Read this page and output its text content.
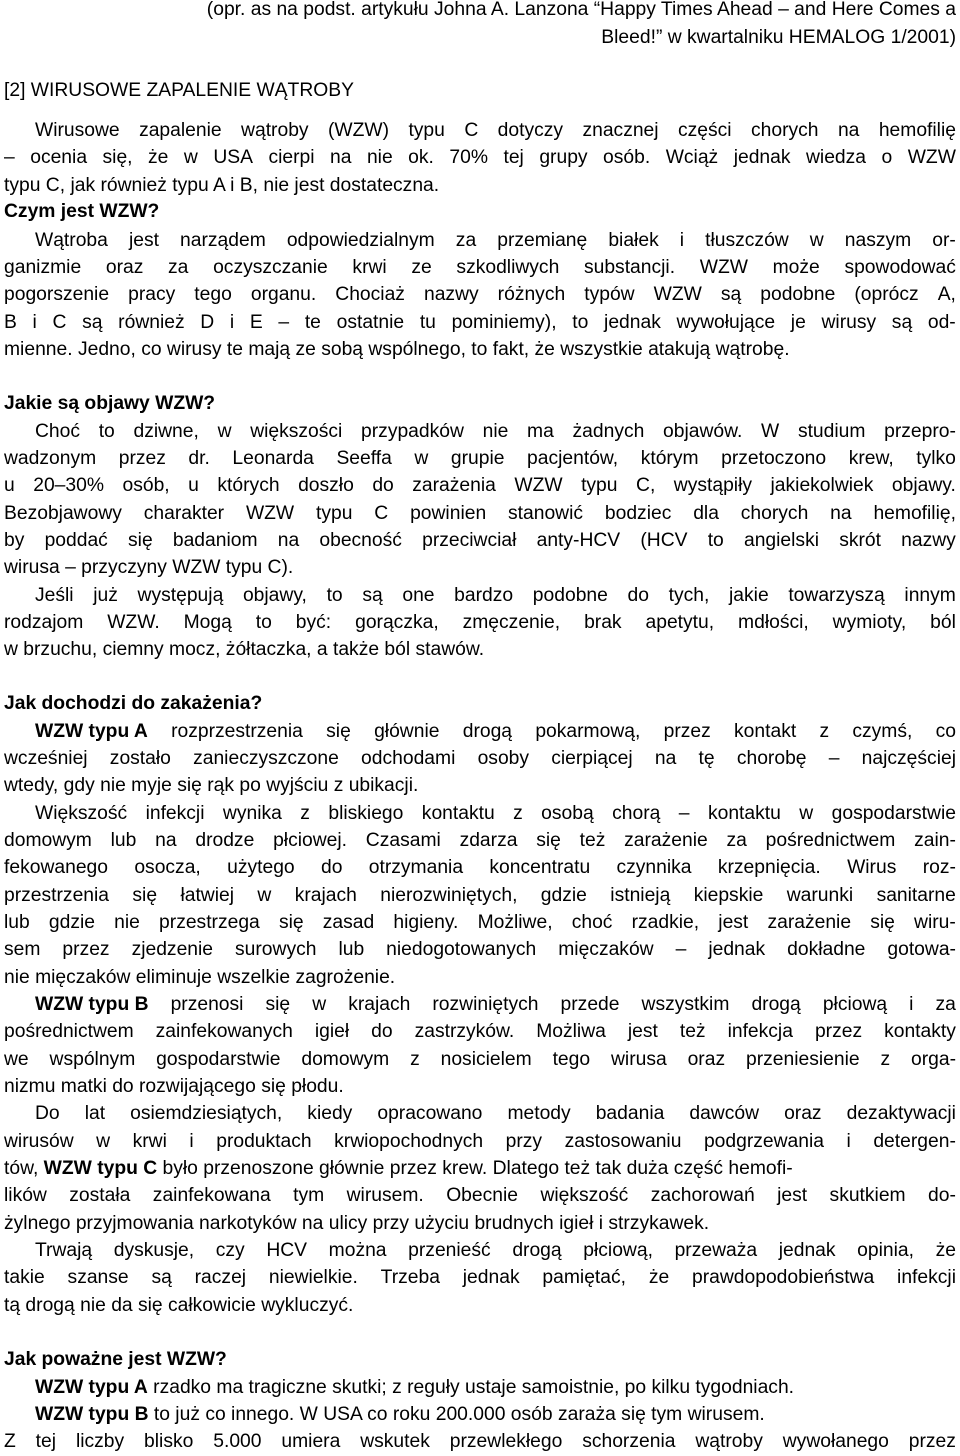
(opr. as na podst. artykułu Johna A. Lanzona “Happy Times Ahead – and Here Comes a
Bleed!” w kwartalniku HEMALOG 1/2001)
[2] WIRUSOWE ZAPALENIE WĄTROBY
Wirusowe zapalenie wątroby (WZW) typu C dotyczy znacznej części chorych na hemofilię
– ocenia się, że w USA cierpi na nie ok. 70% tej grupy osób. Wciąż jednak wiedza o WZW
typu C, jak również typu A i B, nie jest dostateczna.
Czym jest WZW?
Wątroba jest narządem odpowiedzialnym za przemianę białek i tłuszczów w naszym or-
ganizmie oraz za oczyszczanie krwi ze szkodliwych substancji. WZW może spowodować
pogorszenie pracy tego organu. Chociaż nazwy różnych typów WZW są podobne (oprócz A,
B i C są również D i E – te ostatnie tu pominiemy), to jednak wywołujące je wirusy są od-
mienne. Jedno, co wirusy te mają ze sobą wspólnego, to fakt, że wszystkie atakują wątrobę.
Jakie są objawy WZW?
Choć to dziwne, w większości przypadków nie ma żadnych objawów. W studium przepro-
wadzonym przez dr. Leonarda Seeffa w grupie pacjentów, którym przetoczono krew, tylko
u 20–30% osób, u których doszło do zarażenia WZW typu C, wystąpiły jakiekolwiek objawy.
Bezobjawowy charakter WZW typu C powinien stanowić bodziec dla chorych na hemofilię,
by poddać się badaniom na obecność przeciwciał anty-HCV (HCV to angielski skrót nazwy
wirusa – przyczyny WZW typu C).
Jeśli już występują objawy, to są one bardzo podobne do tych, jakie towarzyszą innym
rodzajom WZW. Mogą to być: gorączka, zmęczenie, brak apetytu, mdłości, wymioty, ból
w brzuchu, ciemny mocz, żółtaczka, a także ból stawów.
Jak dochodzi do zakażenia?
WZW typu A rozprzestrzenia się głównie drogą pokarmową, przez kontakt z czymś, co
wcześniej zostało zanieczyszczone odchodami osoby cierpiącej na tę chorobę – najczęściej
wtedy, gdy nie myje się rąk po wyjściu z ubikacji.
Większość infekcji wynika z bliskiego kontaktu z osobą chorą – kontaktu w gospodarstwie
domowym lub na drodze płciowej. Czasami zdarza się też zarażenie za pośrednictwem zain-
fekowanego osocza, użytego do otrzymania koncentratu czynnika krzepnięcia. Wirus roz-
przestrzenia się łatwiej w krajach nierozwiniętych, gdzie istnieją kiepskie warunki sanitarne
lub gdzie nie przestrzega się zasad higieny. Możliwe, choć rzadkie, jest zarażenie się wiru-
sem przez zjedzenie surowych lub niedogotowanych mięczaków – jednak dokładne gotowa-
nie mięczaków eliminuje wszelkie zagrożenie.
WZW typu B przenosi się w krajach rozwiniętych przede wszystkim drogą płciową i za
pośrednictwem zainfekowanych igieł do zastrzyków. Możliwa jest też infekcja przez kontakty
we wspólnym gospodarstwie domowym z nosicielem tego wirusa oraz przeniesienie z orga-
nizmu matki do rozwijającego się płodu.
Do lat osiemdziesiątych, kiedy opracowano metody badania dawców oraz dezaktywacji
wirusów w krwi i produktach krwiopochodnych przy zastosowaniu podgrzewania i detergen-
tów, WZW typu C było przenoszone głównie przez krew. Dlatego też tak duża część hemofi-
lików została zainfekowana tym wirusem. Obecnie większość zachorowań jest skutkiem do-
żylnego przyjmowania narkotyków na ulicy przy użyciu brudnych igieł i strzykawek.
Trwają dyskusje, czy HCV można przenieść drogą płciową, przeważa jednak opinia, że
takie szanse są raczej niewielkie. Trzeba jednak pamiętać, że prawdopodobieństwa infekcji
tą drogą nie da się całkowicie wykluczyć.
Jak poważne jest WZW?
WZW typu A rzadko ma tragiczne skutki; z reguły ustaje samoistnie, po kilku tygodniach.
WZW typu B to już co innego. W USA co roku 200.000 osób zaraża się tym wirusem.
Z tej liczby blisko 5.000 umiera wskutek przewlekłego schorzenia wątroby wywołanego przez
